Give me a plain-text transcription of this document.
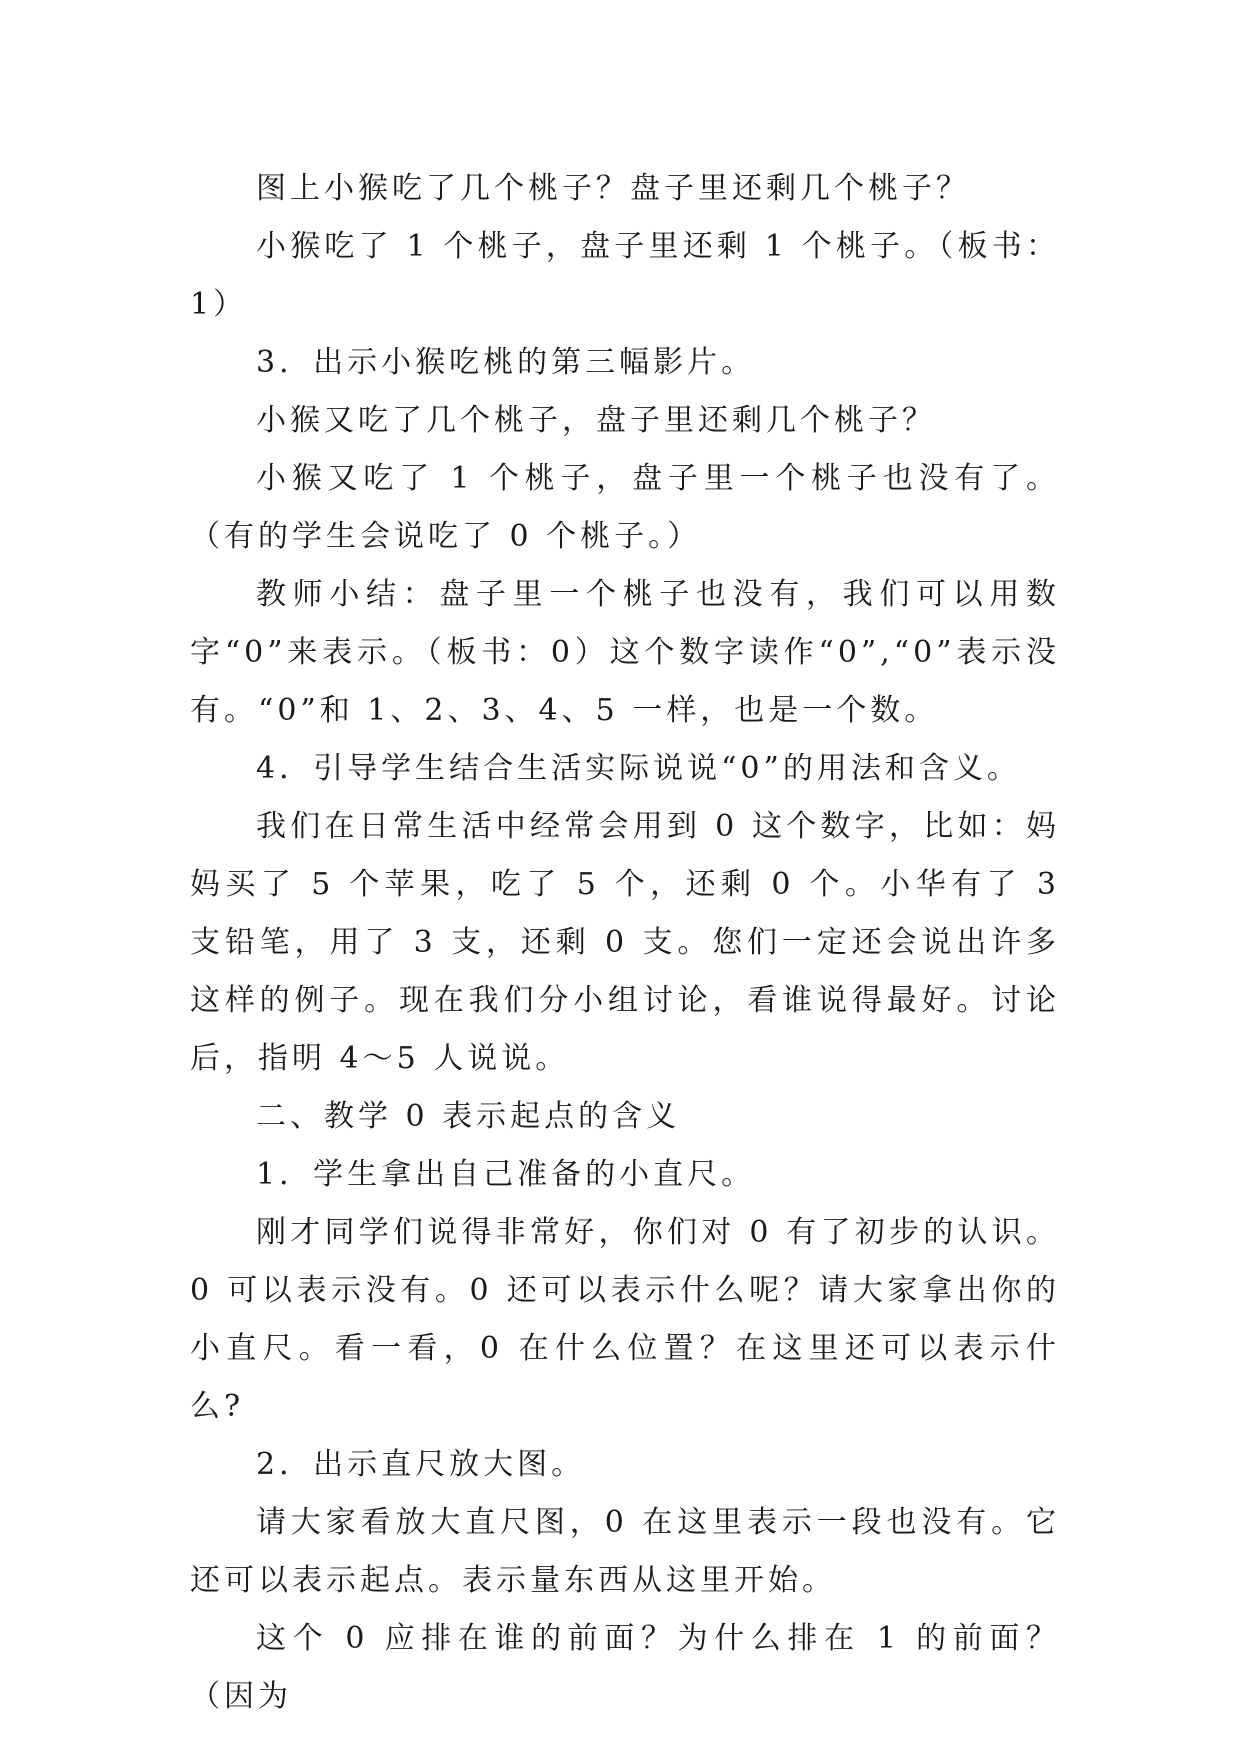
图上小猴吃了几个桃子？盘子里还剩几个桃子？

小猴吃了 1 个桃子，盘子里还剩 1 个桃子。（板书：1）

3．出示小猴吃桃的第三幅影片。

小猴又吃了几个桃子，盘子里还剩几个桃子？

小猴又吃了 1 个桃子，盘子里一个桃子也没有了。（有的学生会说吃了 0 个桃子。）

教师小结：盘子里一个桃子也没有，我们可以用数字“0”来表示。（板书：0）这个数字读作“0”,“0”表示没有。“0”和 1、2、3、4、5 一样，也是一个数。

4．引导学生结合生活实际说说“0”的用法和含义。

我们在日常生活中经常会用到 0 这个数字，比如：妈妈买了 5 个苹果，吃了 5 个，还剩 0 个。小华有了 3 支铅笔，用了 3 支，还剩 0 支。您们一定还会说出许多这样的例子。现在我们分小组讨论，看谁说得最好。讨论后，指明 4～5 人说说。

二、教学 0 表示起点的含义

1．学生拿出自己准备的小直尺。

刚才同学们说得非常好，你们对 0 有了初步的认识。0 可以表示没有。0 还可以表示什么呢？请大家拿出你的小直尺。看一看，0 在什么位置？在这里还可以表示什么?

2．出示直尺放大图。

请大家看放大直尺图，0 在这里表示一段也没有。它还可以表示起点。表示量东西从这里开始。

这个 0 应排在谁的前面？为什么排在 1 的前面？（因为
